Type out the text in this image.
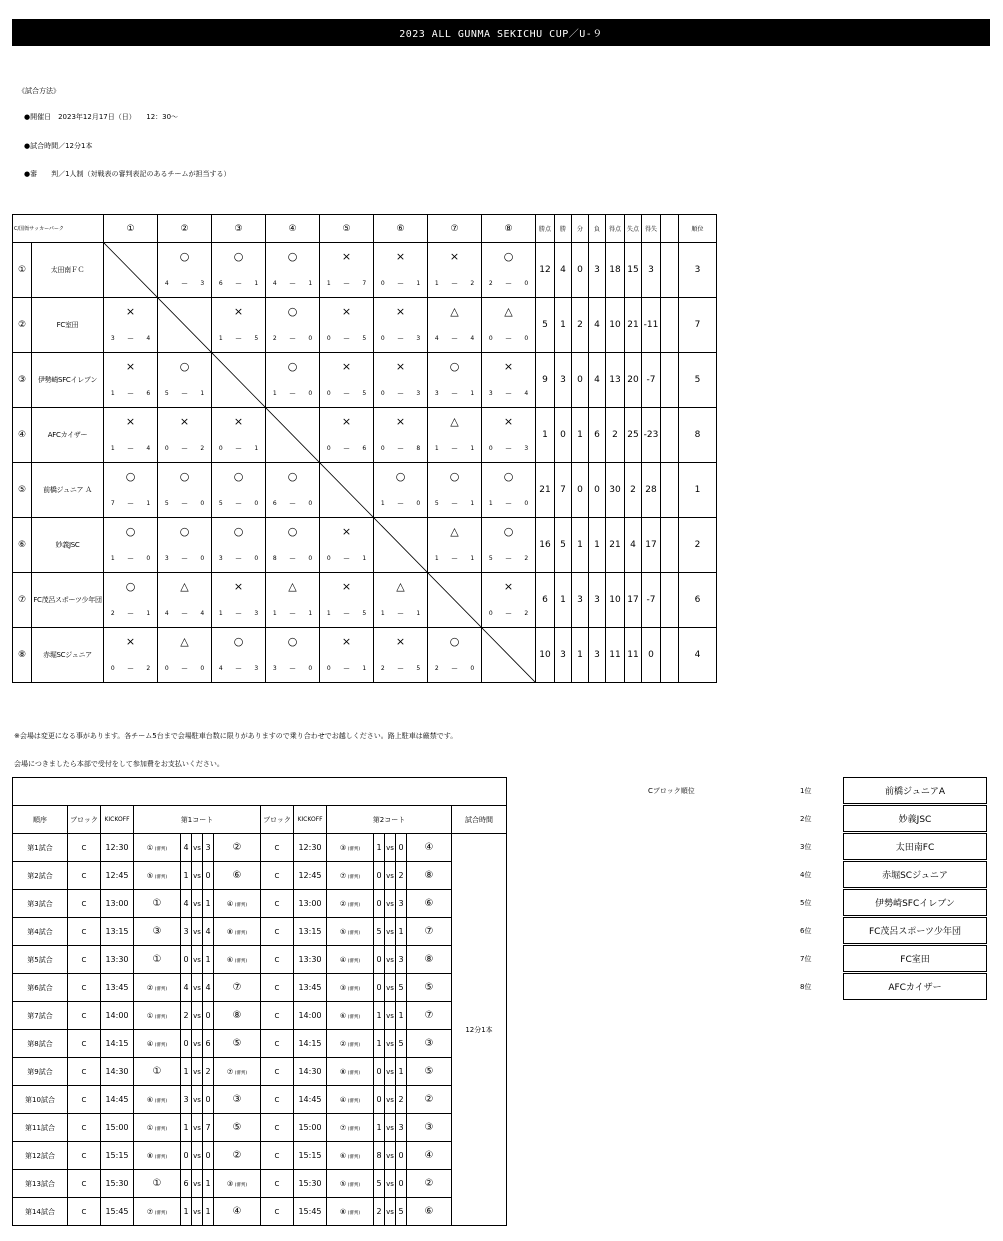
2023 ALL GUNMA SEKICHU CUP／U-９
《試合方法》
●開催日　2023年12月17日（日）　　12：30〜
●試合時間／12分1本
●審　　判／1人制（対戦表の審判表記のあるチームが担当する）
C/国衙サッカーパーク		①			②			③			④			⑤			⑥			⑦			⑧			勝点	勝	分	負	得点	失点	得失		順位
①	太田南ＦＣ				○			○			○			×			×			×			○			12	4	0	3	18	15	3		3
					4	—	3	6	—	1	4	—	1	1	—	7	0	—	1	1	—	2	2	—	0									
②	FC室田	×						×			○			×			×			△			△			5	1	2	4	10	21	-11		7
		3	—	4				1	—	5	2	—	0	0	—	5	0	—	3	4	—	4	0	—	0									
③	伊勢崎SFCイレブン	×			○						○			×			×			○			×			9	3	0	4	13	20	-7		5
		1	—	6	5	—	1				1	—	0	0	—	5	0	—	3	3	—	1	3	—	4									
④	AFCカイザー	×			×			×						×			×			△			×			1	0	1	6	2	25	-23		8
		1	—	4	0	—	2	0	—	1				0	—	6	0	—	8	1	—	1	0	—	3									
⑤	前橋ジュニア Ａ	○			○			○			○						○			○			○			21	7	0	0	30	2	28		1
		7	—	1	5	—	0	5	—	0	6	—	0				1	—	0	5	—	1	1	—	0									
⑥	妙義JSC	○			○			○			○			×						△			○			16	5	1	1	21	4	17		2
		1	—	0	3	—	0	3	—	0	8	—	0	0	—	1				1	—	1	5	—	2									
⑦	FC茂呂スポーツ少年団	○			△			×			△			×			△						×			6	1	3	3	10	17	-7		6
		2	—	1	4	—	4	1	—	3	1	—	1	1	—	5	1	—	1				0	—	2									
⑧	赤堀SCジュニア	×			△			○			○			×			×			○						10	3	1	3	11	11	0		4
		0	—	2	0	—	0	4	—	3	3	—	0	0	—	1	2	—	5	2	—	0												
※会場は変更になる事があります。各チーム5台まで会場駐車台数に限りがありますので乗り合わせでお越しください。路上駐車は厳禁です。
会場につきましたら本部で受付をして参加費をお支払いください。

順序	ブロック	KICKOFF	第1コート					ブロック	KICKOFF	第2コート					試合時間
第1試合	C	12:30	① (審判)	4	vs	3	②	C	12:30	③ (審判)	1	vs	0	④	12分1本
第2試合	C	12:45	⑤ (審判)	1	vs	0	⑥	C	12:45	⑦ (審判)	0	vs	2	⑧	
第3試合	C	13:00	①	4	vs	1	④ (審判)	C	13:00	② (審判)	0	vs	3	⑥	
第4試合	C	13:15	③	3	vs	4	⑧ (審判)	C	13:15	⑤ (審判)	5	vs	1	⑦	
第5試合	C	13:30	①	0	vs	1	⑥ (審判)	C	13:30	④ (審判)	0	vs	3	⑧	
第6試合	C	13:45	② (審判)	4	vs	4	⑦	C	13:45	③ (審判)	0	vs	5	⑤	
第7試合	C	14:00	① (審判)	2	vs	0	⑧	C	14:00	⑥ (審判)	1	vs	1	⑦	
第8試合	C	14:15	④ (審判)	0	vs	6	⑤	C	14:15	② (審判)	1	vs	5	③	
第9試合	C	14:30	①	1	vs	2	⑦ (審判)	C	14:30	⑧ (審判)	0	vs	1	⑤	
第10試合	C	14:45	⑥ (審判)	3	vs	0	③	C	14:45	④ (審判)	0	vs	2	②	
第11試合	C	15:00	① (審判)	1	vs	7	⑤	C	15:00	⑦ (審判)	1	vs	3	③	
第12試合	C	15:15	⑧ (審判)	0	vs	0	②	C	15:15	⑥ (審判)	8	vs	0	④	
第13試合	C	15:30	①	6	vs	1	③ (審判)	C	15:30	⑤ (審判)	5	vs	0	②	
第14試合	C	15:45	⑦ (審判)	1	vs	1	④	C	15:45	⑧ (審判)	2	vs	5	⑥	
Cブロック順位	1位	前橋ジュニアA
2位	妙義JSC
3位	太田南FC
4位	赤堀SCジュニア
5位	伊勢崎SFCイレブン
6位	FC茂呂スポーツ少年団
7位	FC室田
8位	AFCカイザー
